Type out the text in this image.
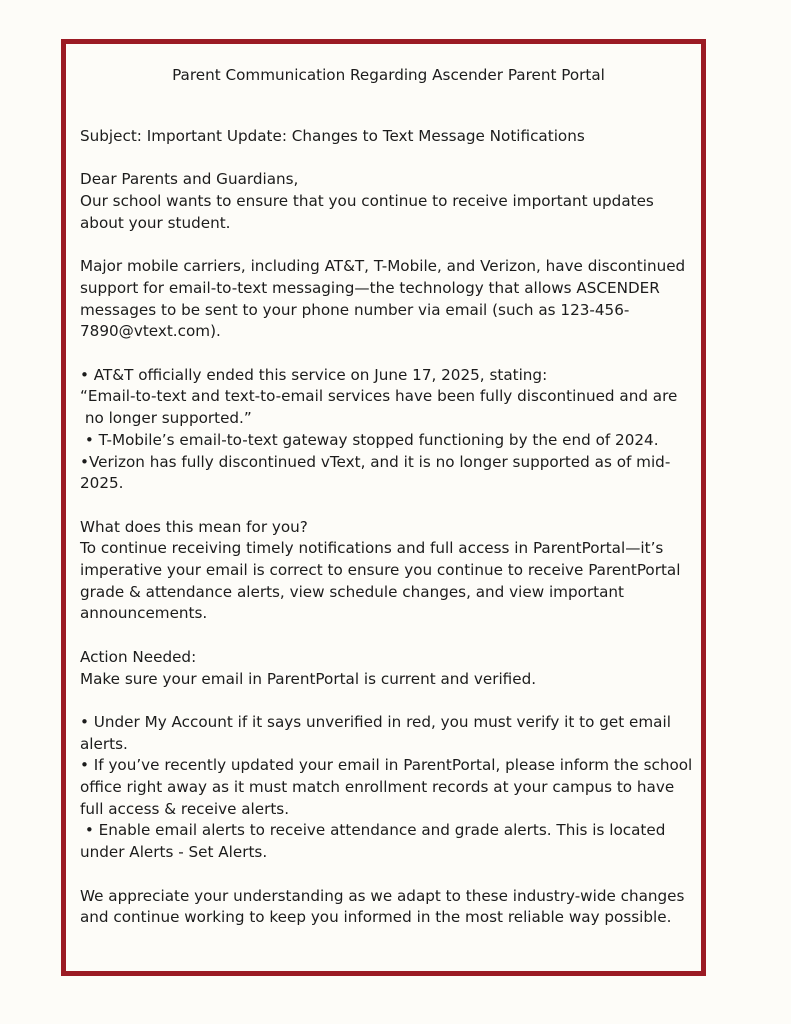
Parent Communication Regarding Ascender Parent Portal
Subject: Important Update: Changes to Text Message Notifications
Dear Parents and Guardians,
Our school wants to ensure that you continue to receive important updates
about your student.
Major mobile carriers, including AT&T, T-Mobile, and Verizon, have discontinued
support for email-to-text messaging—the technology that allows ASCENDER
messages to be sent to your phone number via email (such as 123-456-
7890@vtext.com).
• AT&T officially ended this service on June 17, 2025, stating:
“Email-to-text and text-to-email services have been fully discontinued and are
no longer supported.”
• T-Mobile’s email-to-text gateway stopped functioning by the end of 2024.
•Verizon has fully discontinued vText, and it is no longer supported as of mid-
2025.
What does this mean for you?
To continue receiving timely notifications and full access in ParentPortal—it’s
imperative your email is correct to ensure you continue to receive ParentPortal
grade & attendance alerts, view schedule changes, and view important
announcements.
Action Needed:
Make sure your email in ParentPortal is current and verified.
• Under My Account if it says unverified in red, you must verify it to get email
alerts.
• If you’ve recently updated your email in ParentPortal, please inform the school
office right away as it must match enrollment records at your campus to have
full access & receive alerts.
• Enable email alerts to receive attendance and grade alerts. This is located
under Alerts - Set Alerts.
We appreciate your understanding as we adapt to these industry-wide changes
and continue working to keep you informed in the most reliable way possible.
